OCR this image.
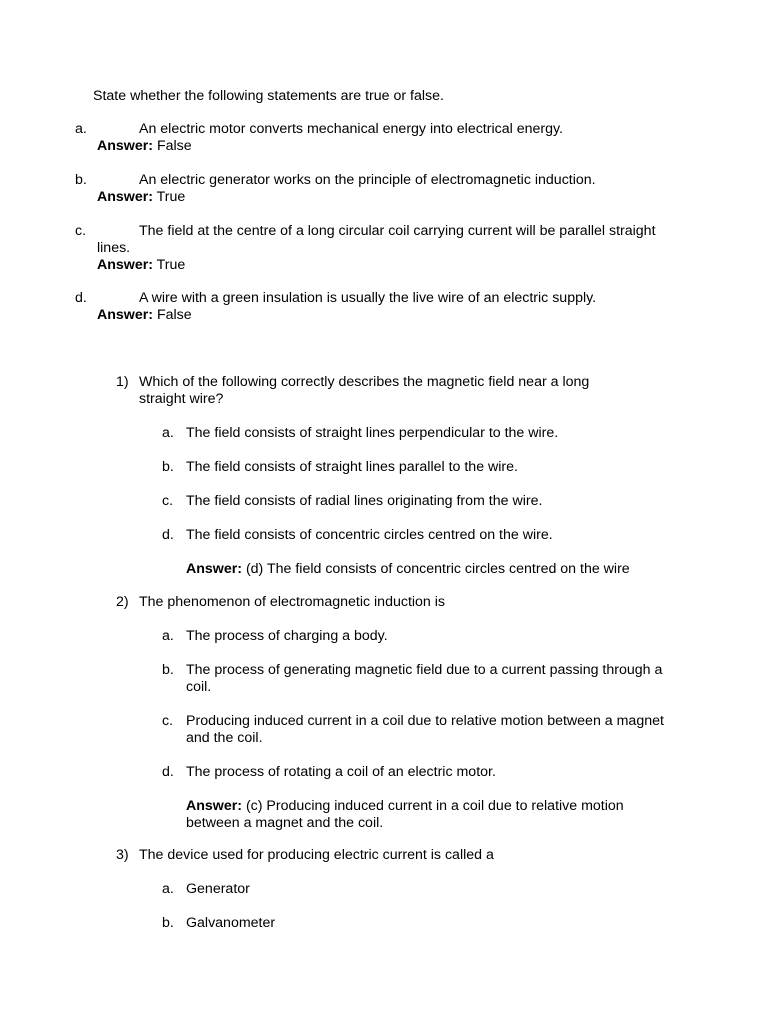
State whether the following statements are true or false.
a.	An electric motor converts mechanical energy into electrical energy.
Answer: False
b.	An electric generator works on the principle of electromagnetic induction.
Answer: True
c.	The field at the centre of a long circular coil carrying current will be parallel straight lines.
Answer: True
d.	A wire with a green insulation is usually the live wire of an electric supply.
Answer: False
1) Which of the following correctly describes the magnetic field near a long straight wire?
a. The field consists of straight lines perpendicular to the wire.
b. The field consists of straight lines parallel to the wire.
c. The field consists of radial lines originating from the wire.
d. The field consists of concentric circles centred on the wire.
Answer: (d) The field consists of concentric circles centred on the wire
2) The phenomenon of electromagnetic induction is
a. The process of charging a body.
b. The process of generating magnetic field due to a current passing through a coil.
c. Producing induced current in a coil due to relative motion between a magnet and the coil.
d. The process of rotating a coil of an electric motor.
Answer: (c) Producing induced current in a coil due to relative motion between a magnet and the coil.
3) The device used for producing electric current is called a
a. Generator
b. Galvanometer
